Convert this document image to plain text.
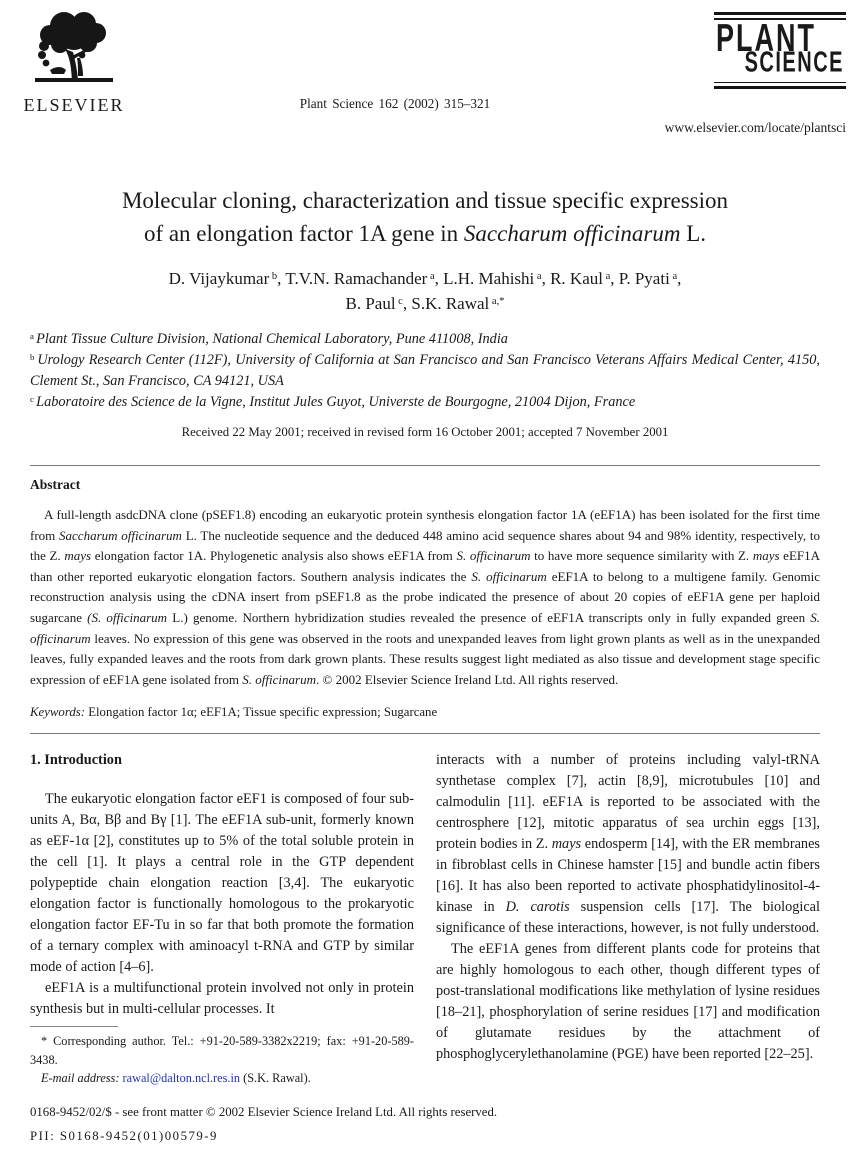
ELSEVIER	Plant Science 162 (2002) 315–321
PLANT
SCIENCE
www.elsevier.com/locate/plantsci
Molecular cloning, characterization and tissue specific expression
of an elongation factor 1A gene in Saccharum officinarum L.
D. Vijaykumar $^b$, T.V.N. Ramachander $^a$, L.H. Mahishi $^a$, R. Kaul $^a$, P. Pyati $^a$,
B. Paul $^c$, S.K. Rawal $^{a,*}$

$^a$ Plant Tissue Culture Division, National Chemical Laboratory, Pune 411008, India

$^b$ Urology Research Center (112F), University of California at San Francisco and San Francisco Veterans Affairs Medical Center, 4150, Clement St., San Francisco, CA 94121, USA

$^c$ Laboratoire des Science de la Vigne, Institut Jules Guyot, Universte de Bourgogne, 21004 Dijon, France

Received 22 May 2001; received in revised form 16 October 2001; accepted 7 November 2001
Abstract
A full-length asdcDNA clone (pSEF1.8) encoding an eukaryotic protein synthesis elongation factor 1A (eEF1A) has been isolated for the first time from Saccharum officinarum L. The nucleotide sequence and the deduced 448 amino acid sequence shares about 94 and 98% identity, respectively, to the Z. mays elongation factor 1A. Phylogenetic analysis also shows eEF1A from S. officinarum to have more sequence similarity with Z. mays eEF1A than other reported eukaryotic elongation factors. Southern analysis indicates the S. officinarum eEF1A to belong to a multigene family. Genomic reconstruction analysis using the cDNA insert from pSEF1.8 as the probe indicated the presence of about 20 copies of eEF1A gene per haploid sugarcane (S. officinarum L.) genome. Northern hybridization studies revealed the presence of eEF1A transcripts only in fully expanded green S. officinarum leaves. No expression of this gene was observed in the roots and unexpanded leaves from light grown plants as well as in the unexpanded leaves, fully expanded leaves and the roots from dark grown plants. These results suggest light mediated as also tissue and development stage specific expression of eEF1A gene isolated from S. officinarum. © 2002 Elsevier Science Ireland Ltd. All rights reserved.
Keywords: Elongation factor 1α; eEF1A; Tissue specific expression; Sugarcane
1. Introduction

The eukaryotic elongation factor eEF1 is composed of four sub-units A, Bα, Bβ and Bγ [1]. The eEF1A sub-unit, formerly known as eEF-1α [2], constitutes up to 5% of the total soluble protein in the cell [1]. It plays a central role in the GTP dependent polypeptide chain elongation reaction [3,4]. The eukaryotic elongation factor is functionally homologous to the prokaryotic elongation factor EF-Tu in so far that both promote the formation of a ternary complex with aminoacyl t-RNA and GTP by similar mode of action [4–6].

eEF1A is a multifunctional protein involved not only in protein synthesis but in multi-cellular processes. It

* Corresponding author. Tel.: +91-20-589-3382x2219; fax: +91-20-589-3438.

E-mail address: rawal@dalton.ncl.res.in (S.K. Rawal).

interacts with a number of proteins including valyl-tRNA synthetase complex [7], actin [8,9], microtubules [10] and calmodulin [11]. eEF1A is reported to be associated with the centrosphere [12], mitotic apparatus of sea urchin eggs [13], protein bodies in Z. mays endosperm [14], with the ER membranes in fibroblast cells in Chinese hamster [15] and bundle actin fibers [16]. It has also been reported to activate phosphatidylinositol-4-kinase in D. carotis suspension cells [17]. The biological significance of these interactions, however, is not fully understood.

The eEF1A genes from different plants code for proteins that are highly homologous to each other, though different types of post-translational modifications like methylation of lysine residues [18–21], phosphorylation of serine residues [17] and modification of glutamate residues by the attachment of phosphoglycerylethanolamine (PGE) have been reported [22–25].

0168-9452/02/$ - see front matter © 2002 Elsevier Science Ireland Ltd. All rights reserved.
PII: S0168-9452(01)00579-9
